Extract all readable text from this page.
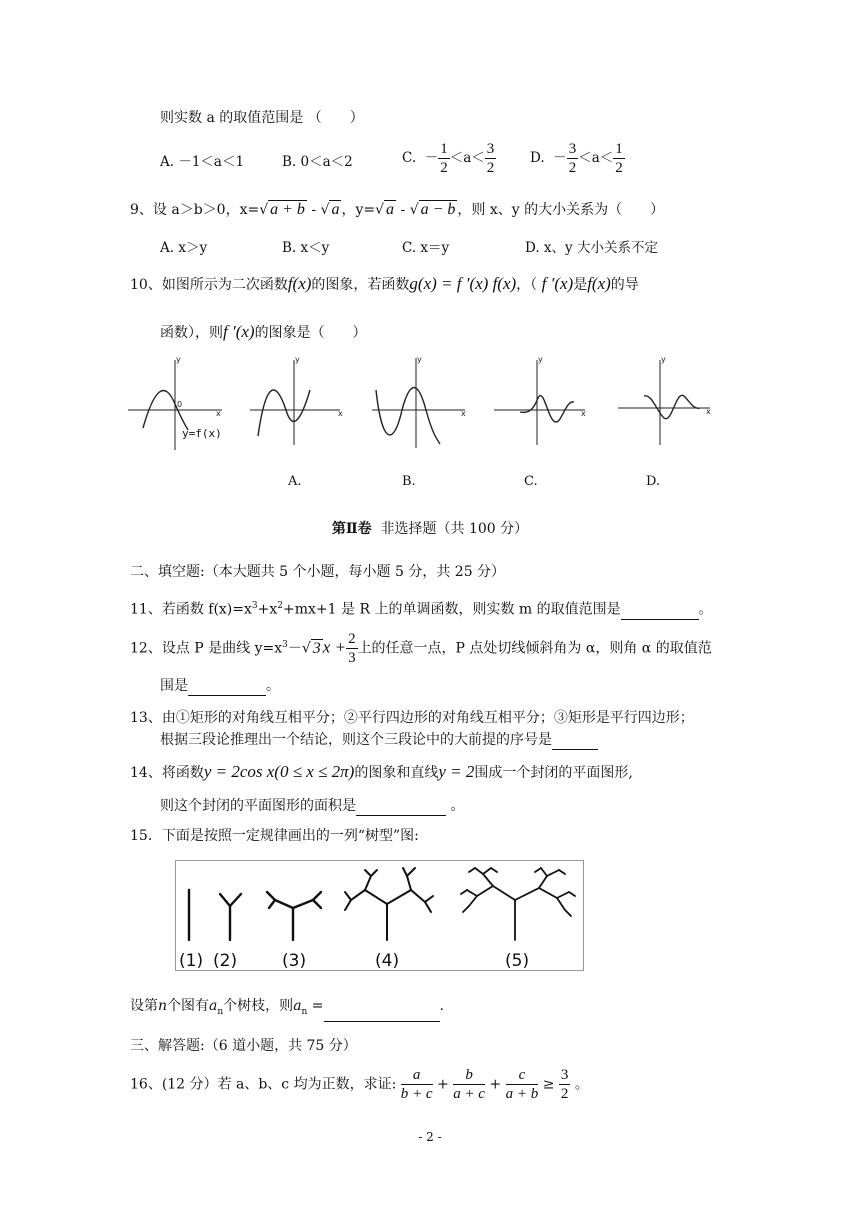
则实数 a 的取值范围是 （　　）
A. －1＜a＜1	B. 0＜a＜2	C. － $\frac{1}{2} <a< \frac{3}{2} D$. － $\frac{3}{2} <a< \frac{1}{2}$
9、设 a＞b＞0，x=√ a + b - √ a ，y=√ a - √ a − b ，则 x、y 的大小关系为（　　）
A. x＞y	B. x＜y	C. x＝y	D. x、y 大小关系不定
10、如图所示为二次函数f(x)的图象，若函数g(x) = f ′(x) f(x)，（ f ′(x)是f(x)的导
函数），则f ′(x)的图象是（　　）
y
x
0
y
x
y
x
y
x
y
x
y=f(x)
A.	B.	C.	D.
第Ⅱ卷 非选择题（共 100 分）
二、填空题:（本大题共 5 个小题，每小题 5 分，共 25 分）
11、若函数 $f(x)=x^3+x^2+mx+1$ 是 R 上的单调函数，则实数 m 的取值范围是	。
12、设点 P 是曲线 $y=x^3-√$ 3 $x + \frac{2}{3}$ 上的任意一点，P 点处切线倾斜角为 α，则角 α 的取值范
围是	。
13、由①矩形的对角线互相平分；②平行四边形的对角线互相平分；③矩形是平行四边形；
根据三段论推理出一个结论，则这个三段论中的大前提的序号是
14、将函数y = 2cos x(0 ≤ x ≤ 2π)的图象和直线y = 2围成一个封闭的平面图形,
则这个封闭的平面图形的面积是	。
15．下面是按照一定规律画出的一列“树型”图:
(1) (2)	(3)	(4)	(5)
设第n个图有$a_n$个树枝，则$a_n$ =	.
三、解答题:（6 道小题，共 75 分）
16、(12 分）若 a、b、c 均为正数，求证: $\frac{a}{b + c} + \frac{b}{a + c} + \frac{c}{a + b} \ge \frac{3}{2}$ 。
- 2 -
